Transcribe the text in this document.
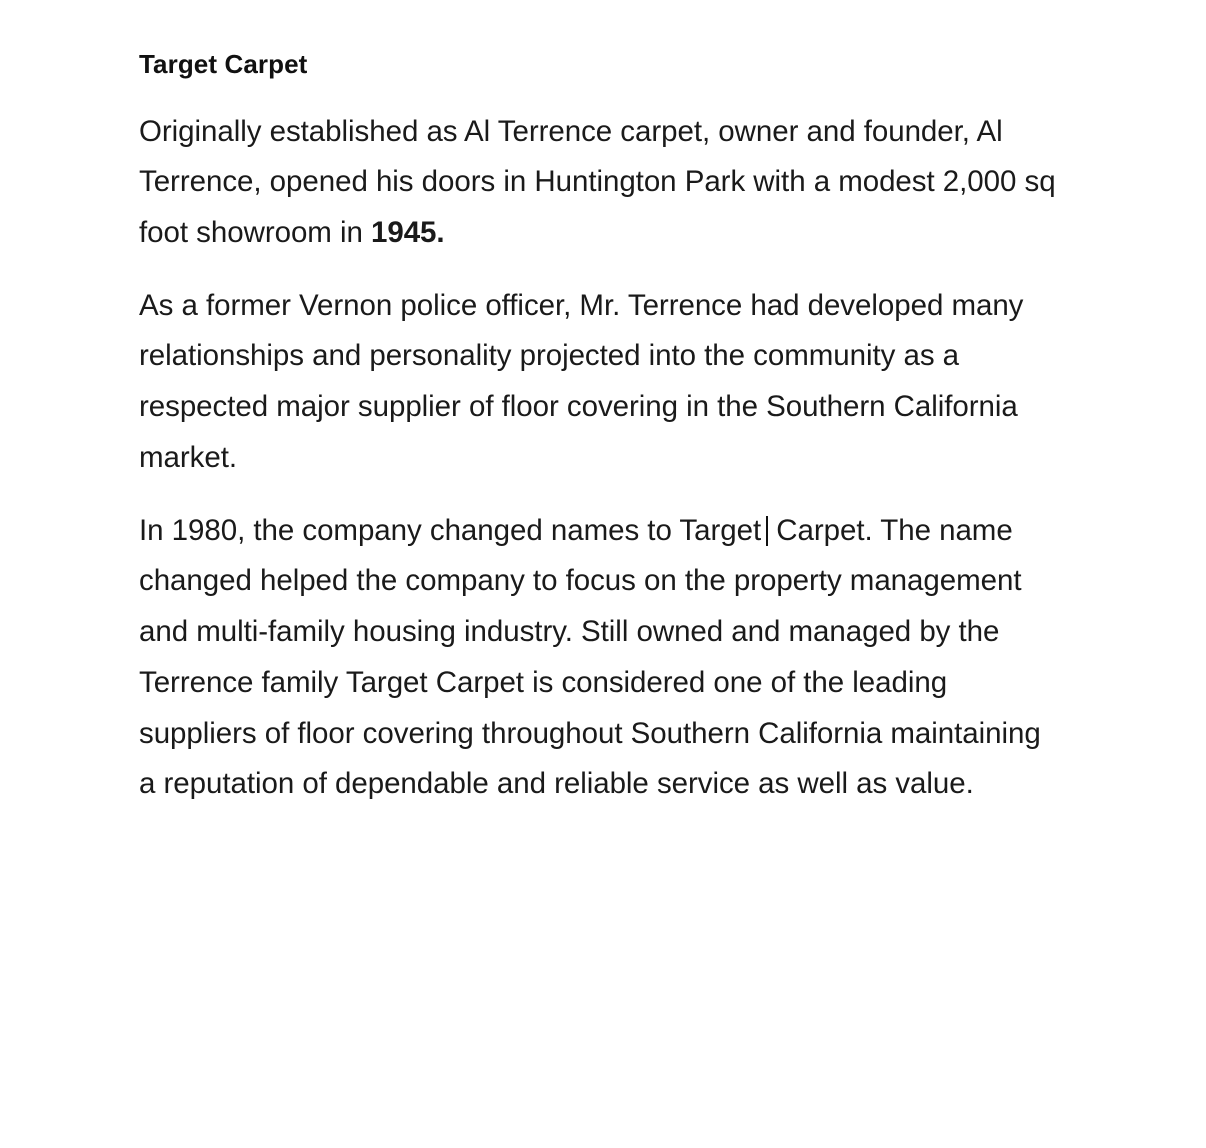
Target Carpet

Originally established as Al Terrence carpet, owner and founder, Al Terrence, opened his doors in Huntington Park with a modest 2,000 sq foot showroom in 1945.

As a former Vernon police officer, Mr. Terrence had developed many relationships and personality projected into the community as a respected major supplier of floor covering in the Southern California market.

In 1980, the company changed names to Target Carpet. The name changed helped the company to focus on the property management and multi-family housing industry. Still owned and managed by the Terrence family Target Carpet is considered one of the leading suppliers of floor covering throughout Southern California maintaining a reputation of dependable and reliable service as well as value.
